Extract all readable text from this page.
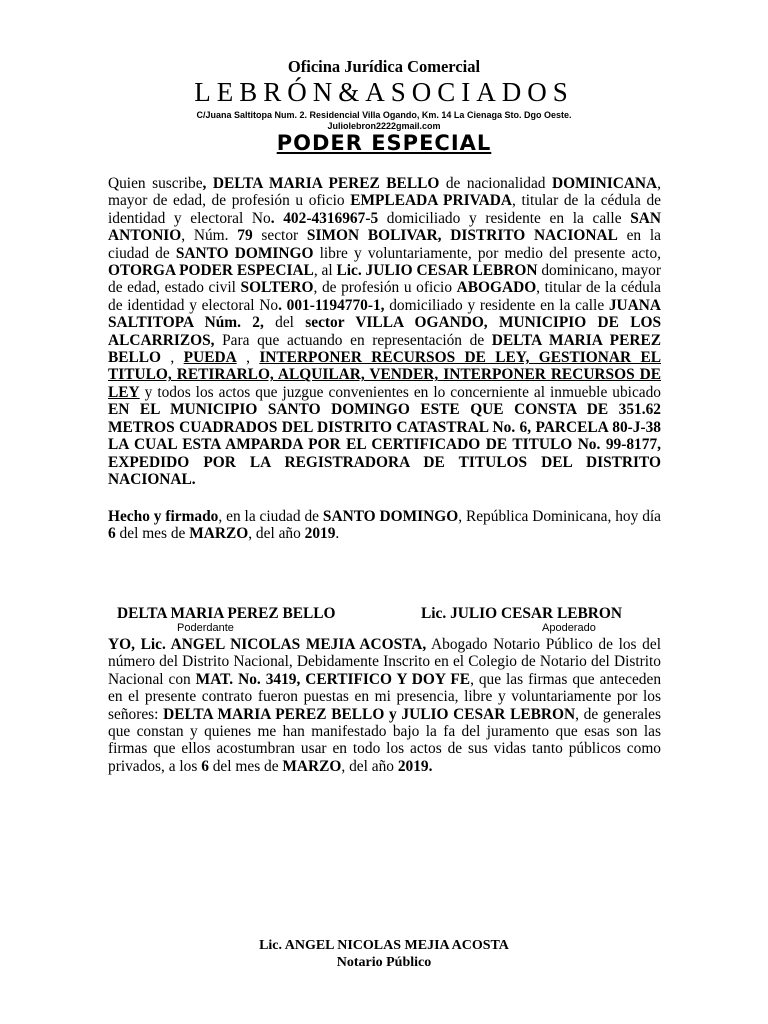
Oficina Jurídica Comercial
LEBRÓN&ASOCIADOS
C/Juana Saltitopa Num. 2. Residencial Villa Ogando, Km. 14 La Cienaga Sto. Dgo Oeste.
Juliolebron2222gmail.com
PODER ESPECIAL
Quien suscribe, DELTA MARIA PEREZ BELLO de nacionalidad DOMINICANA, mayor de edad, de profesión u oficio EMPLEADA PRIVADA, titular de la cédula de identidad y electoral No. 402-4316967-5 domiciliado y residente en la calle SAN ANTONIO, Núm. 79 sector SIMON BOLIVAR, DISTRITO NACIONAL en la ciudad de SANTO DOMINGO libre y voluntariamente, por medio del presente acto, OTORGA PODER ESPECIAL, al Lic. JULIO CESAR LEBRON dominicano, mayor de edad, estado civil SOLTERO, de profesión u oficio ABOGADO, titular de la cédula de identidad y electoral No. 001-1194770-1, domiciliado y residente en la calle JUANA SALTITOPA Núm. 2, del sector VILLA OGANDO, MUNICIPIO DE LOS ALCARRIZOS, Para que actuando en representación de DELTA MARIA PEREZ BELLO , PUEDA , INTERPONER RECURSOS DE LEY, GESTIONAR EL TITULO, RETIRARLO, ALQUILAR, VENDER, INTERPONER RECURSOS DE LEY y todos los actos que juzgue convenientes en lo concerniente al inmueble ubicado EN EL MUNICIPIO SANTO DOMINGO ESTE QUE CONSTA DE 351.62 METROS CUADRADOS DEL DISTRITO CATASTRAL No. 6, PARCELA 80-J-38 LA CUAL ESTA AMPARDA POR EL CERTIFICADO DE TITULO No. 99-8177, EXPEDIDO POR LA REGISTRADORA DE TITULOS DEL DISTRITO NACIONAL.
Hecho y firmado, en la ciudad de SANTO DOMINGO, República Dominicana, hoy día 6 del mes de MARZO, del año 2019.
DELTA MARIA PEREZ BELLO
Poderdante
Lic. JULIO CESAR LEBRON
Apoderado
YO, Lic. ANGEL NICOLAS MEJIA ACOSTA, Abogado Notario Público de los del número del Distrito Nacional, Debidamente Inscrito en el Colegio de Notario del Distrito Nacional con MAT. No. 3419, CERTIFICO Y DOY FE, que las firmas que anteceden en el presente contrato fueron puestas en mi presencia, libre y voluntariamente por los señores: DELTA MARIA PEREZ BELLO y JULIO CESAR LEBRON, de generales que constan y quienes me han manifestado bajo la fa del juramento que esas son las firmas que ellos acostumbran usar en todo los actos de sus vidas tanto públicos como privados, a los 6 del mes de MARZO, del año 2019.
Lic. ANGEL NICOLAS MEJIA ACOSTA
Notario Público
